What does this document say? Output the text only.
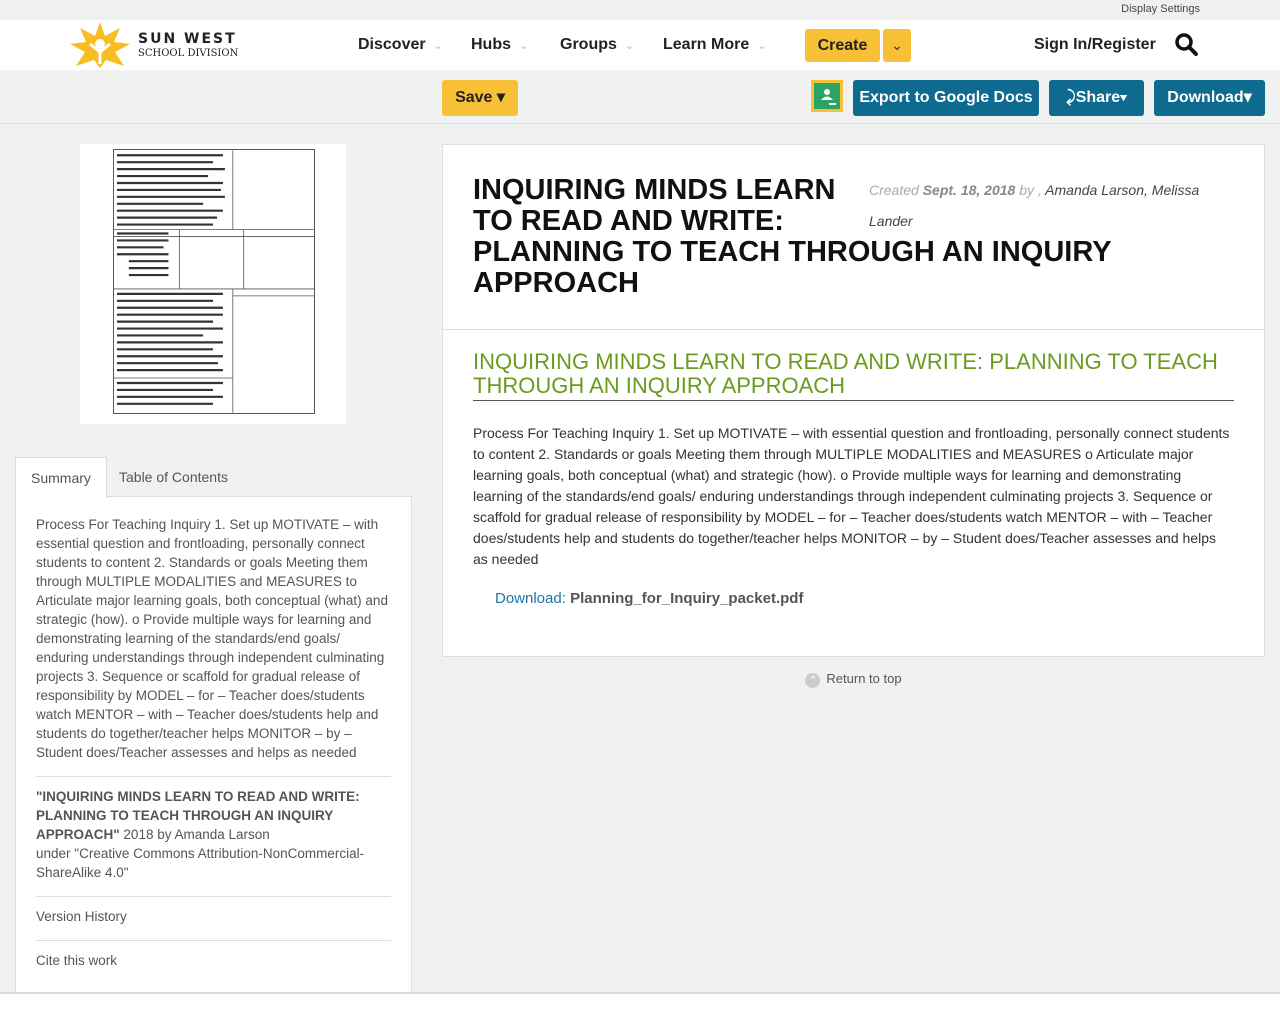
Display Settings
SUN WEST
SCHOOL DIVISION	Discover ⌄ Hubs ⌄ Groups ⌄ Learn More ⌄	Create	⌄	Sign In/Register
Save ▾	Export to Google Docs	⤸Share▾	Download▾
Summary	Table of Contents
Process For Teaching Inquiry 1. Set up MOTIVATE – with essential question and frontloading, personally connect students to content 2. Standards or goals Meeting them through MULTIPLE MODALITIES and MEASURES to Articulate major learning goals, both conceptual (what) and strategic (how). o Provide multiple ways for learning and demonstrating learning of the standards/end goals/ enduring understandings through independent culminating projects 3. Sequence or scaffold for gradual release of responsibility by MODEL – for – Teacher does/students watch MENTOR – with – Teacher does/students help and students do together/teacher helps MONITOR – by – Student does/Teacher assesses and helps as needed
"INQUIRING MINDS LEARN TO READ AND WRITE: PLANNING TO TEACH THROUGH AN INQUIRY APPROACH" 2018 by Amanda Larson
under "Creative Commons Attribution-NonCommercial-ShareAlike 4.0"
Version History
Cite this work
Created Sept. 18, 2018 by , Amanda Larson, Melissa Lander
INQUIRING MINDS LEARN TO READ AND WRITE: PLANNING TO TEACH THROUGH AN INQUIRY APPROACH
INQUIRING MINDS LEARN TO READ AND WRITE: PLANNING TO TEACH THROUGH AN INQUIRY APPROACH

Process For Teaching Inquiry 1. Set up MOTIVATE – with essential question and frontloading, personally connect students to content 2. Standards or goals Meeting them through MULTIPLE MODALITIES and MEASURES o Articulate major learning goals, both conceptual (what) and strategic (how). o Provide multiple ways for learning and demonstrating learning of the standards/end goals/ enduring understandings through independent culminating projects 3. Sequence or scaffold for gradual release of responsibility by MODEL – for – Teacher does/students watch MENTOR – with – Teacher does/students help and students do together/teacher helps MONITOR – by – Student does/Teacher assesses and helps as needed

Download: Planning_for_Inquiry_packet.pdf
⌃ Return to top
